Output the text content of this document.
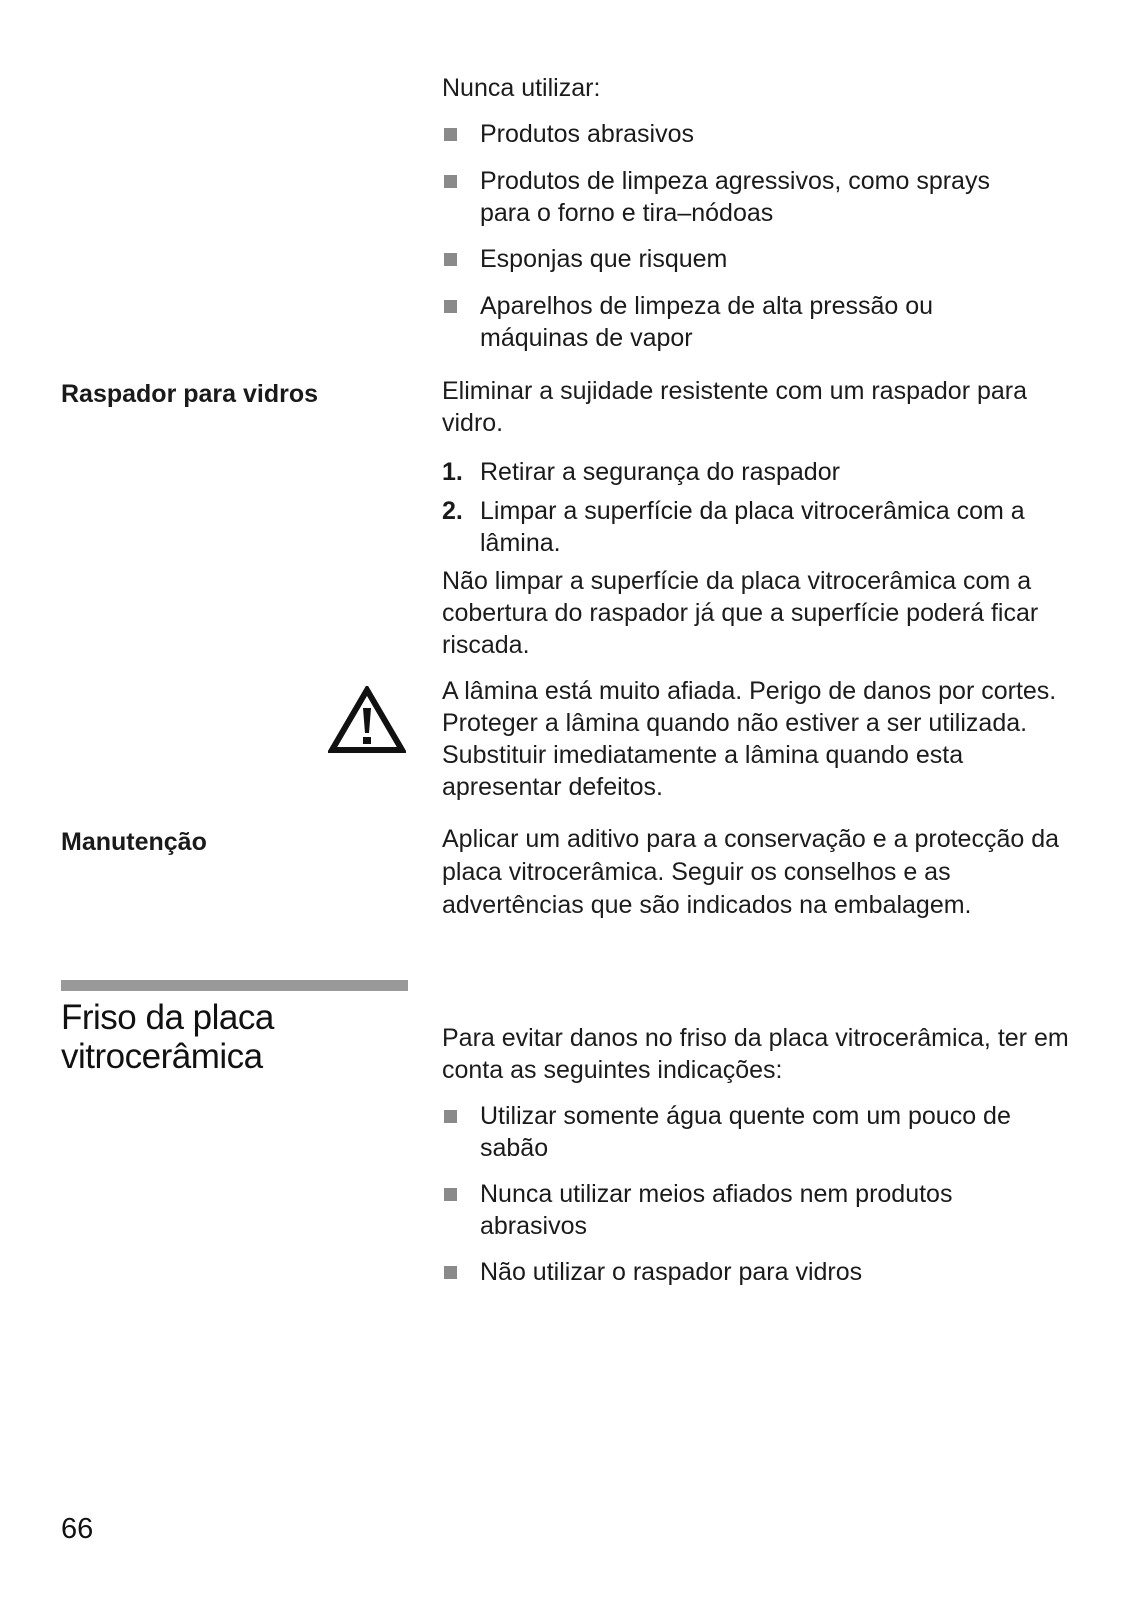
Nunca utilizar:
Produtos abrasivos
Produtos de limpeza agressivos, como sprays para o forno e tira–nódoas
Esponjas que risquem
Aparelhos de limpeza de alta pressão ou máquinas de vapor
Raspador para vidros	Eliminar a sujidade resistente com um raspador para vidro.
1. Retirar a segurança do raspador
2. Limpar a superfície da placa vitrocerâmica com a lâmina.
Não limpar a superfície da placa vitrocerâmica com a cobertura do raspador já que a superfície poderá ficar riscada.
A lâmina está muito afiada. Perigo de danos por cortes. Proteger a lâmina quando não estiver a ser utilizada. Substituir imediatamente a lâmina quando esta apresentar defeitos.
Manutenção	Aplicar um aditivo para a conservação e a protecção da placa vitrocerâmica. Seguir os conselhos e as advertências que são indicados na embalagem.
Friso da placa vitrocerâmica	Para evitar danos no friso da placa vitrocerâmica, ter em conta as seguintes indicações:
Utilizar somente água quente com um pouco de sabão
Nunca utilizar meios afiados nem produtos abrasivos
Não utilizar o raspador para vidros
66
